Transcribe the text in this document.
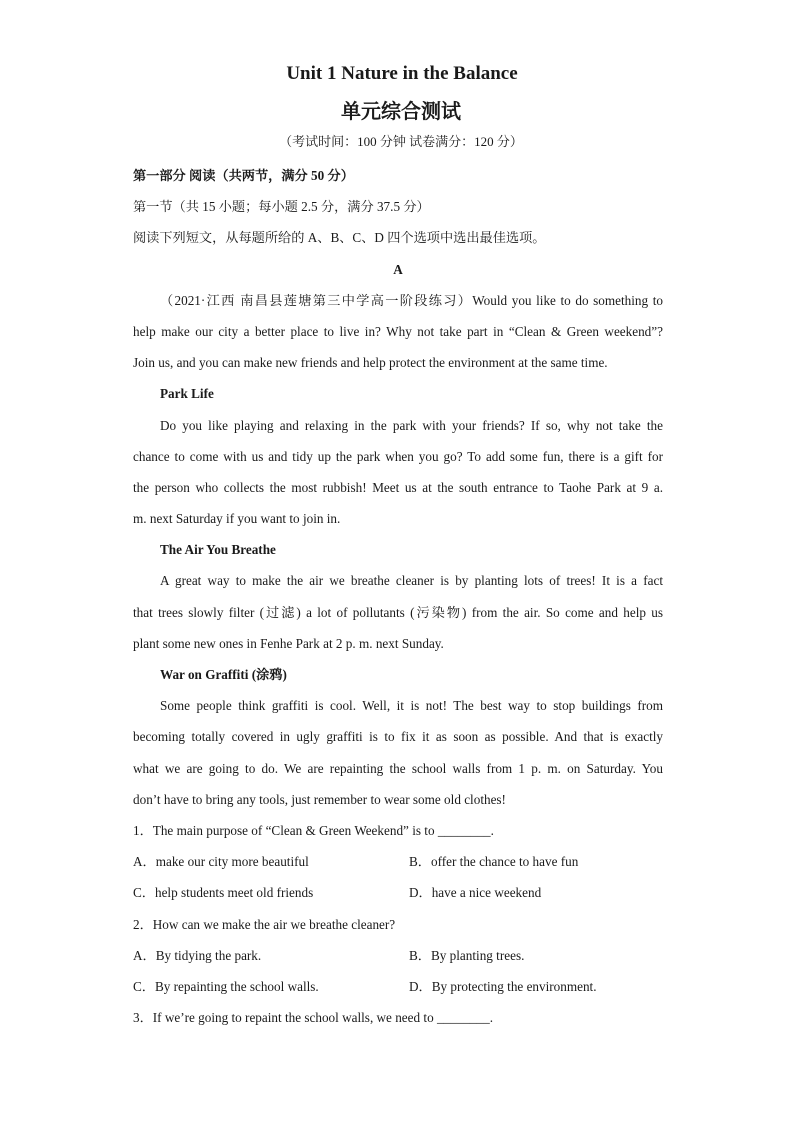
Unit 1 Nature in the Balance
单元综合测试
（考试时间：100 分钟 试卷满分：120 分）
第一部分 阅读（共两节，满分 50 分）
第一节（共 15 小题；每小题 2.5 分，满分 37.5 分）
阅读下列短文，从每题所给的 A、B、C、D 四个选项中选出最佳选项。
A
（2021·江西 南昌县莲塘第三中学高一阶段练习）Would you like to do something to
help make our city a better place to live in? Why not take part in “Clean & Green weekend”?
Join us, and you can make new friends and help protect the environment at the same time.
Park Life
Do you like playing and relaxing in the park with your friends? If so, why not take the
chance to come with us and tidy up the park when you go? To add some fun, there is a gift for
the person who collects the most rubbish! Meet us at the south entrance to Taohe Park at 9 a.
m. next Saturday if you want to join in.
The Air You Breathe
A great way to make the air we breathe cleaner is by planting lots of trees! It is a fact
that trees slowly filter (过滤) a lot of pollutants (污染物) from the air. So come and help us
plant some new ones in Fenhe Park at 2 p. m. next Sunday.
War on Graffiti (涂鸦)
Some people think graffiti is cool. Well, it is not! The best way to stop buildings from
becoming totally covered in ugly graffiti is to fix it as soon as possible. And that is exactly
what we are going to do. We are repainting the school walls from 1 p. m. on Saturday. You
don’t have to bring any tools, just remember to wear some old clothes!
1．The main purpose of “Clean & Green Weekend” is to ________.
A．make our city more beautiful	B．offer the chance to have fun
C．help students meet old friends	D．have a nice weekend
2．How can we make the air we breathe cleaner?
A．By tidying the park.	B．By planting trees.
C．By repainting the school walls.	D．By protecting the environment.
3．If we’re going to repaint the school walls, we need to ________.
